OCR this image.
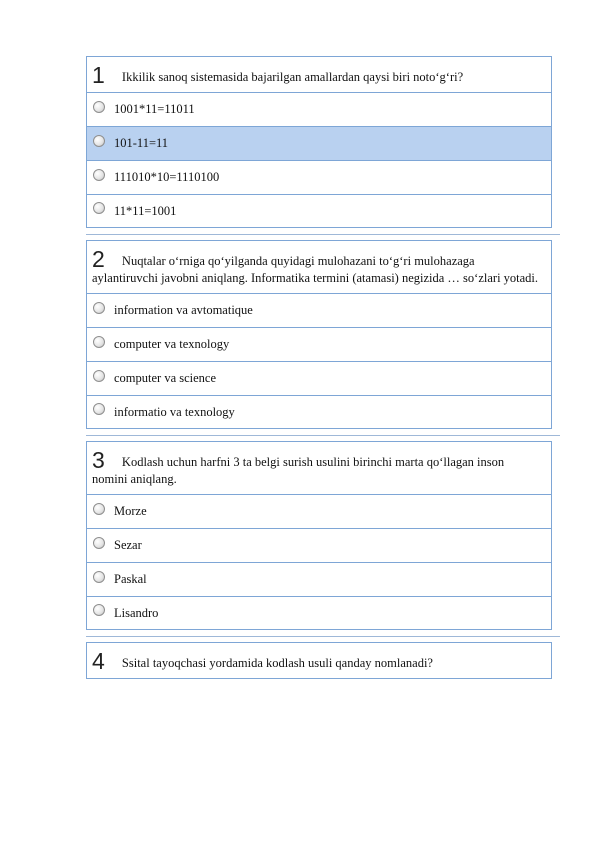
1 Ikkilik sanoq sistemasida bajarilgan amallardan qaysi biri noto‘g‘ri?
1001*11=11011
101-11=11
111010*10=1110100
11*11=1001
2 Nuqtalar o‘rniga qo‘yilganda quyidagi mulohazani to‘g‘ri mulohazaga aylantiruvchi javobni aniqlang. Informatika termini (atamasi) negizida … so‘zlari yotadi.
information va avtomatique
computer va texnology
computer va science
informatio va texnology
3 Kodlash uchun harfni 3 ta belgi surish usulini birinchi marta qo‘llagan inson nomini aniqlang.
Morze
Sezar
Paskal
Lisandro
4 Ssital tayoqchasi yordamida kodlash usuli qanday nomlanadi?
